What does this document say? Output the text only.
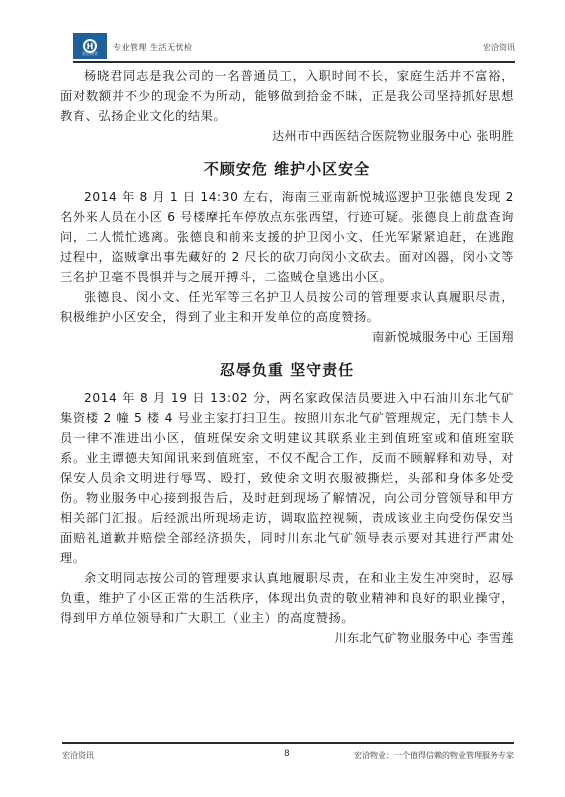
H
宏洽物业
专业管理 生活无忧检	宏洽资讯

杨晓君同志是我公司的一名普通员工，入职时间不长，家庭生活并不富裕，面对数额并不少的现金不为所动，能够做到拾金不昧，正是我公司坚持抓好思想教育、弘扬企业文化的结果。

达州市中西医结合医院物业服务中心 张明胜
不顾安危 维护小区安全

2014 年 8 月 1 日 14:30 左右，海南三亚南新悦城巡逻护卫张德良发现 2 名外来人员在小区 6 号楼摩托车停放点东张西望，行迹可疑。张德良上前盘查询问，二人慌忙逃离。张德良和前来支援的护卫闵小文、任光军紧紧追赶，在逃跑过程中，盗贼拿出事先藏好的 2 尺长的砍刀向闵小文砍去。面对凶器，闵小文等三名护卫毫不畏惧并与之展开搏斗，二盗贼仓皇逃出小区。

张德良、闵小文、任光军等三名护卫人员按公司的管理要求认真履职尽责，积极维护小区安全，得到了业主和开发单位的高度赞扬。

南新悦城服务中心 王国翔
忍辱负重 坚守责任

2014 年 8 月 19 日 13:02 分，两名家政保洁员要进入中石油川东北气矿集资楼 2 幢 5 楼 4 号业主家打扫卫生。按照川东北气矿管理规定，无门禁卡人员一律不准进出小区，值班保安余文明建议其联系业主到值班室或和值班室联系。业主谭德夫知闻讯来到值班室，不仅不配合工作，反而不顾解释和劝导，对保安人员余文明进行辱骂、殴打，致使余文明衣服被撕烂，头部和身体多处受伤。物业服务中心接到报告后，及时赶到现场了解情况，向公司分管领导和甲方相关部门汇报。后经派出所现场走访，调取监控视频，责成该业主向受伤保安当面赔礼道歉并赔偿全部经济损失，同时川东北气矿领导表示要对其进行严肃处理。

余文明同志按公司的管理要求认真地履职尽责，在和业主发生冲突时，忍辱负重，维护了小区正常的生活秩序，体现出负责的敬业精神和良好的职业操守，得到甲方单位领导和广大职工（业主）的高度赞扬。

川东北气矿物业服务中心 李雪莲
宏洽资讯	8	宏洽物业：一个值得信赖的物业管理服务专家
